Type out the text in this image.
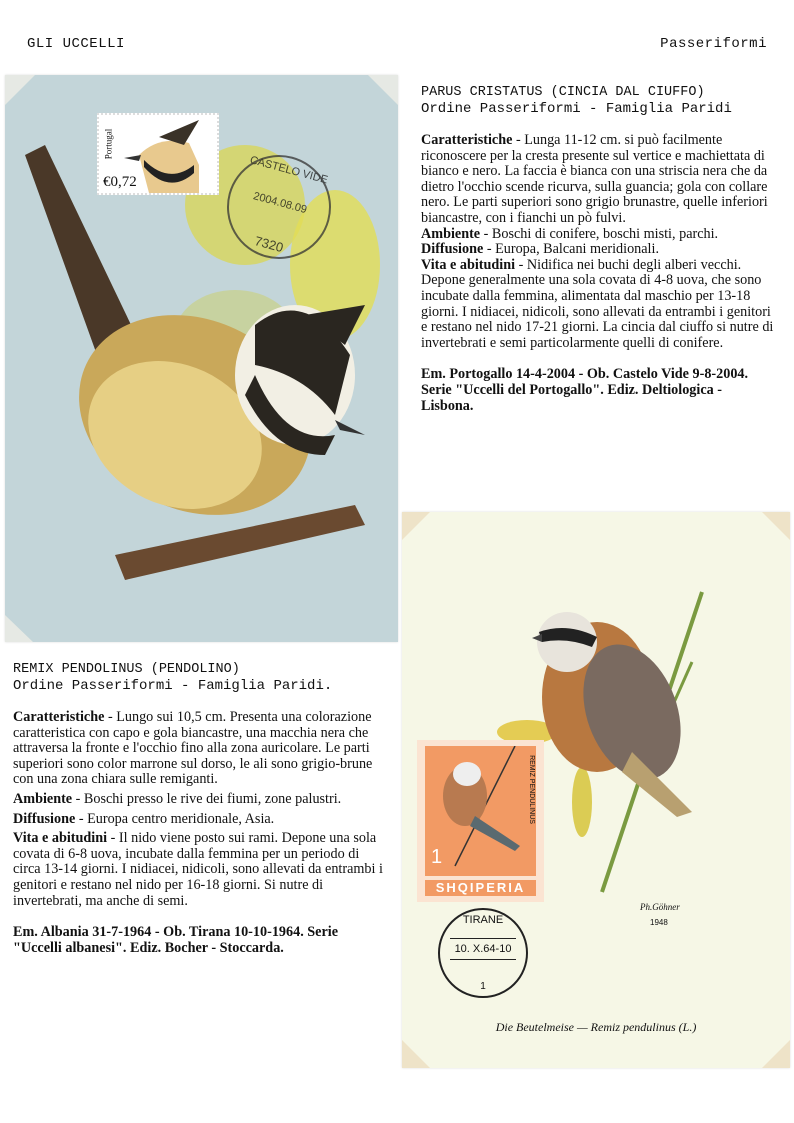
GLI UCCELLI	Passeriformi
Portugal
€0,72	CASTELO VIDE
2004.08.09
7320

PARUS CRISTATUS (CINCIA DAL CIUFFO)

Ordine Passeriformi - Famiglia Paridi

Caratteristiche - Lunga 11-12 cm. si può facilmente riconoscere per la cresta presente sul vertice e machiettata di bianco e nero. La faccia è bianca con una striscia nera che da dietro l'occhio scende ricurva, sulla guancia; gola con collare nero. Le parti superiori sono grigio brunastre, quelle inferiori biancastre, con i fianchi un pò fulvi.

Ambiente - Boschi di conifere, boschi misti, parchi.

Diffusione - Europa, Balcani meridionali.

Vita e abitudini - Nidifica nei buchi degli alberi vecchi. Depone generalmente una sola covata di 4-8 uova, che sono incubate dalla femmina, alimentata dal maschio per 13-18 giorni. I nidiacei, nidicoli, sono allevati da entrambi i genitori e restano nel nido 17-21 giorni. La cincia dal ciuffo si nutre di invertebrati e semi particolarmente quelli di conifere.

Em. Portogallo 14-4-2004 - Ob. Castelo Vide 9-8-2004. Serie "Uccelli del Portogallo". Ediz. Deltiologica - Lisbona.

REMIX PENDOLINUS (PENDOLINO)

Ordine Passeriformi - Famiglia Paridi.

Caratteristiche - Lungo sui 10,5 cm. Presenta una colorazione caratteristica con capo e gola biancastre, una macchia nera che attraversa la fronte e l'occhio fino alla zona auricolare. Le parti superiori sono color marrone sul dorso, le ali sono grigio-brune con una zona chiara sulle remiganti.

Ambiente - Boschi presso le rive dei fiumi, zone palustri.

Diffusione - Europa centro meridionale, Asia.

Vita e abitudini - Il nido viene posto sui rami. Depone una sola covata di 6-8 uova, incubate dalla femmina per un periodo di circa 13-14 giorni. I nidiacei, nidicoli, sono allevati da entrambi i genitori e restano nel nido per 16-18 giorni. Si nutre di invertebrati, ma anche di semi.

Em. Albania 31-7-1964 - Ob. Tirana 10-10-1964. Serie "Uccelli albanesi". Ediz. Bocher - Stoccarda.

REMIZ PENDULINUS
1
SHQIPERIA
TIRANE
10. X.64-10
1
Ph.Göhner
1948
Die Beutelmeise — Remiz pendulinus (L.)
